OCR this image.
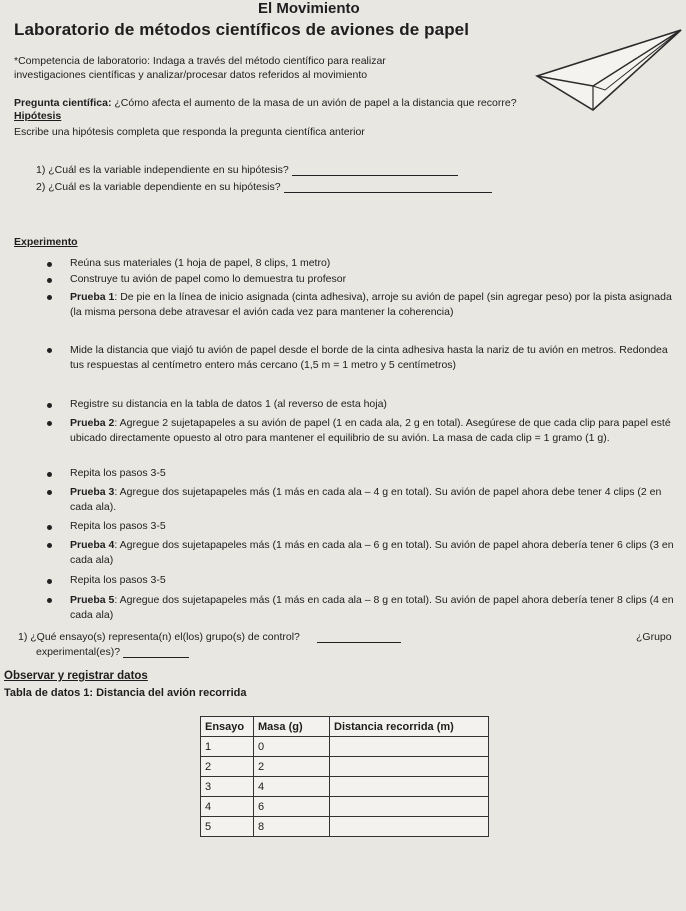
El Movimiento
Laboratorio de métodos científicos de aviones de papel
*Competencia de laboratorio: Indaga a través del método científico para realizar
investigaciones científicas y analizar/procesar datos referidos al movimiento
Pregunta científica: ¿Cómo afecta el aumento de la masa de un avión de papel a la distancia que recorre?
Hipótesis
Escribe una hipótesis completa que responda la pregunta científica anterior
1) ¿Cuál es la variable independiente en su hipótesis?
2) ¿Cuál es la variable dependiente en su hipótesis?
Experimento
Reúna sus materiales (1 hoja de papel, 8 clips, 1 metro)
Construye tu avión de papel como lo demuestra tu profesor
Prueba 1: De pie en la línea de inicio asignada (cinta adhesiva), arroje su avión de papel (sin agregar peso) por la pista asignada (la misma persona debe atravesar el avión cada vez para mantener la coherencia)
Mide la distancia que viajó tu avión de papel desde el borde de la cinta adhesiva hasta la nariz de tu avión en metros. Redondea tus respuestas al centímetro entero más cercano (1,5 m = 1 metro y 5 centímetros)
Registre su distancia en la tabla de datos 1 (al reverso de esta hoja)
Prueba 2: Agregue 2 sujetapapeles a su avión de papel (1 en cada ala, 2 g en total). Asegúrese de que cada clip para papel esté ubicado directamente opuesto al otro para mantener el equilibrio de su avión. La masa de cada clip = 1 gramo (1 g).
Repita los pasos 3-5
Prueba 3: Agregue dos sujetapapeles más (1 más en cada ala – 4 g en total). Su avión de papel ahora debe tener 4 clips (2 en cada ala).
Repita los pasos 3-5
Prueba 4: Agregue dos sujetapapeles más (1 más en cada ala – 6 g en total). Su avión de papel ahora debería tener 6 clips (3 en cada ala)
Repita los pasos 3-5
Prueba 5: Agregue dos sujetapapeles más (1 más en cada ala – 8 g en total). Su avión de papel ahora debería tener 8 clips (4 en cada ala)
1) ¿Qué ensayo(s) representa(n) el(los) grupo(s) de control?	¿Grupo
experimental(es)?
Observar y registrar datos
Tabla de datos 1: Distancia del avión recorrida
Ensayo	Masa (g)	Distancia recorrida (m)
1	0	
2	2	
3	4	
4	6	
5	8	
